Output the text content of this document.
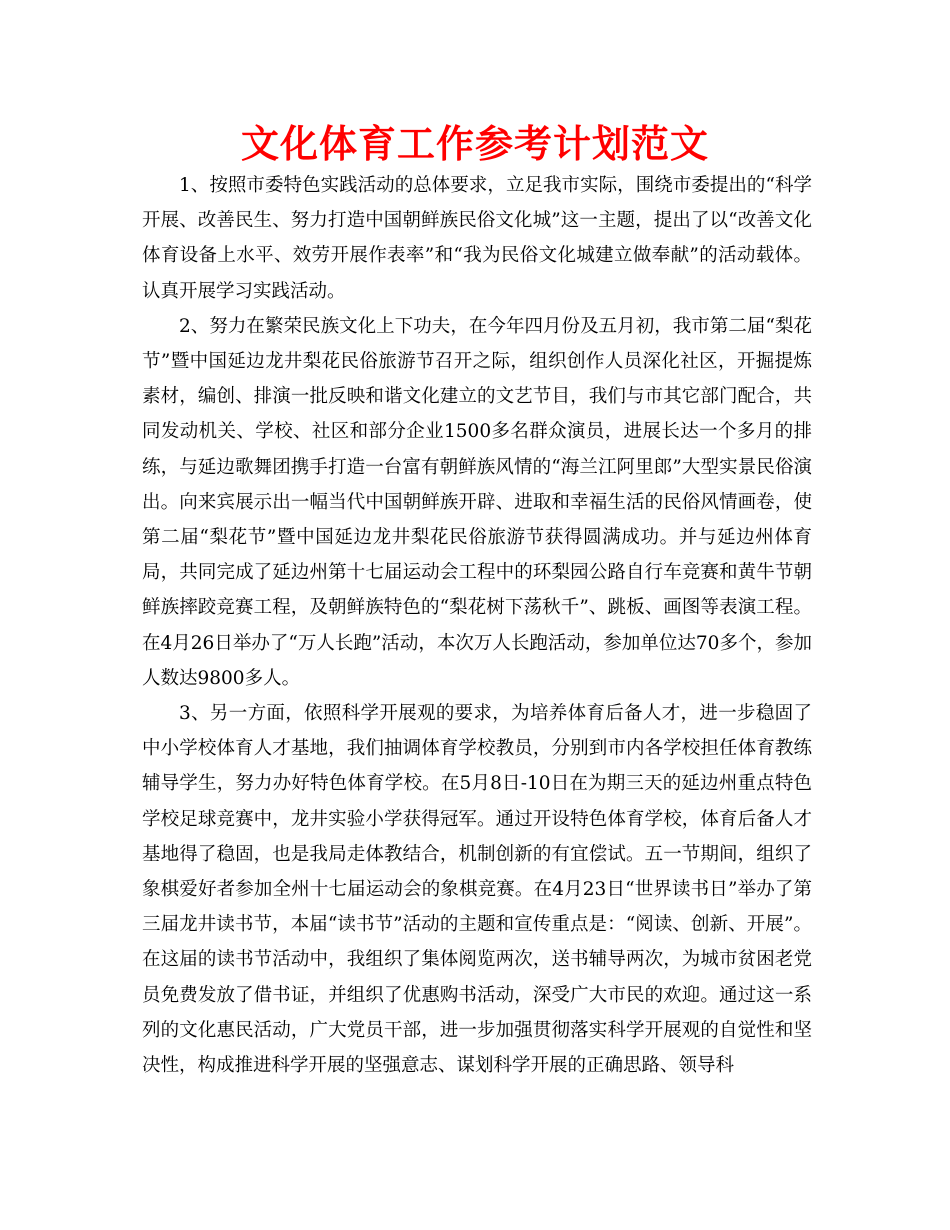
文化体育工作参考计划范文

1、按照市委特色实践活动的总体要求，立足我市实际，围绕市委提出的“科学开展、改善民生、努力打造中国朝鲜族民俗文化城”这一主题，提出了以“改善文化体育设备上水平、效劳开展作表率”和“我为民俗文化城建立做奉献”的活动载体。认真开展学习实践活动。

2、努力在繁荣民族文化上下功夫，在今年四月份及五月初，我市第二届“梨花节”暨中国延边龙井梨花民俗旅游节召开之际，组织创作人员深化社区，开掘提炼素材，编创、排演一批反映和谐文化建立的文艺节目，我们与市其它部门配合，共同发动机关、学校、社区和部分企业1500多名群众演员，进展长达一个多月的排练，与延边歌舞团携手打造一台富有朝鲜族风情的“海兰江阿里郎”大型实景民俗演出。向来宾展示出一幅当代中国朝鲜族开辟、进取和幸福生活的民俗风情画卷，使第二届“梨花节”暨中国延边龙井梨花民俗旅游节获得圆满成功。并与延边州体育局，共同完成了延边州第十七届运动会工程中的环梨园公路自行车竞赛和黄牛节朝鲜族摔跤竞赛工程，及朝鲜族特色的“梨花树下荡秋千”、跳板、画图等表演工程。在4月26日举办了“万人长跑”活动，本次万人长跑活动，参加单位达70多个，参加人数达9800多人。

3、另一方面，依照科学开展观的要求，为培养体育后备人才，进一步稳固了中小学校体育人才基地，我们抽调体育学校教员，分别到市内各学校担任体育教练辅导学生，努力办好特色体育学校。在5月8日-10日在为期三天的延边州重点特色学校足球竞赛中，龙井实验小学获得冠军。通过开设特色体育学校，体育后备人才基地得了稳固，也是我局走体教结合，机制创新的有宜偿试。五一节期间，组织了象棋爱好者参加全州十七届运动会的象棋竞赛。在4月23日“世界读书日”举办了第三届龙井读书节，本届“读书节”活动的主题和宣传重点是：“阅读、创新、开展”。在这届的读书节活动中，我组织了集体阅览两次，送书辅导两次，为城市贫困老党员免费发放了借书证，并组织了优惠购书活动，深受广大市民的欢迎。通过这一系列的文化惠民活动，广大党员干部，进一步加强贯彻落实科学开展观的自觉性和坚决性，构成推进科学开展的坚强意志、谋划科学开展的正确思路、领导科
